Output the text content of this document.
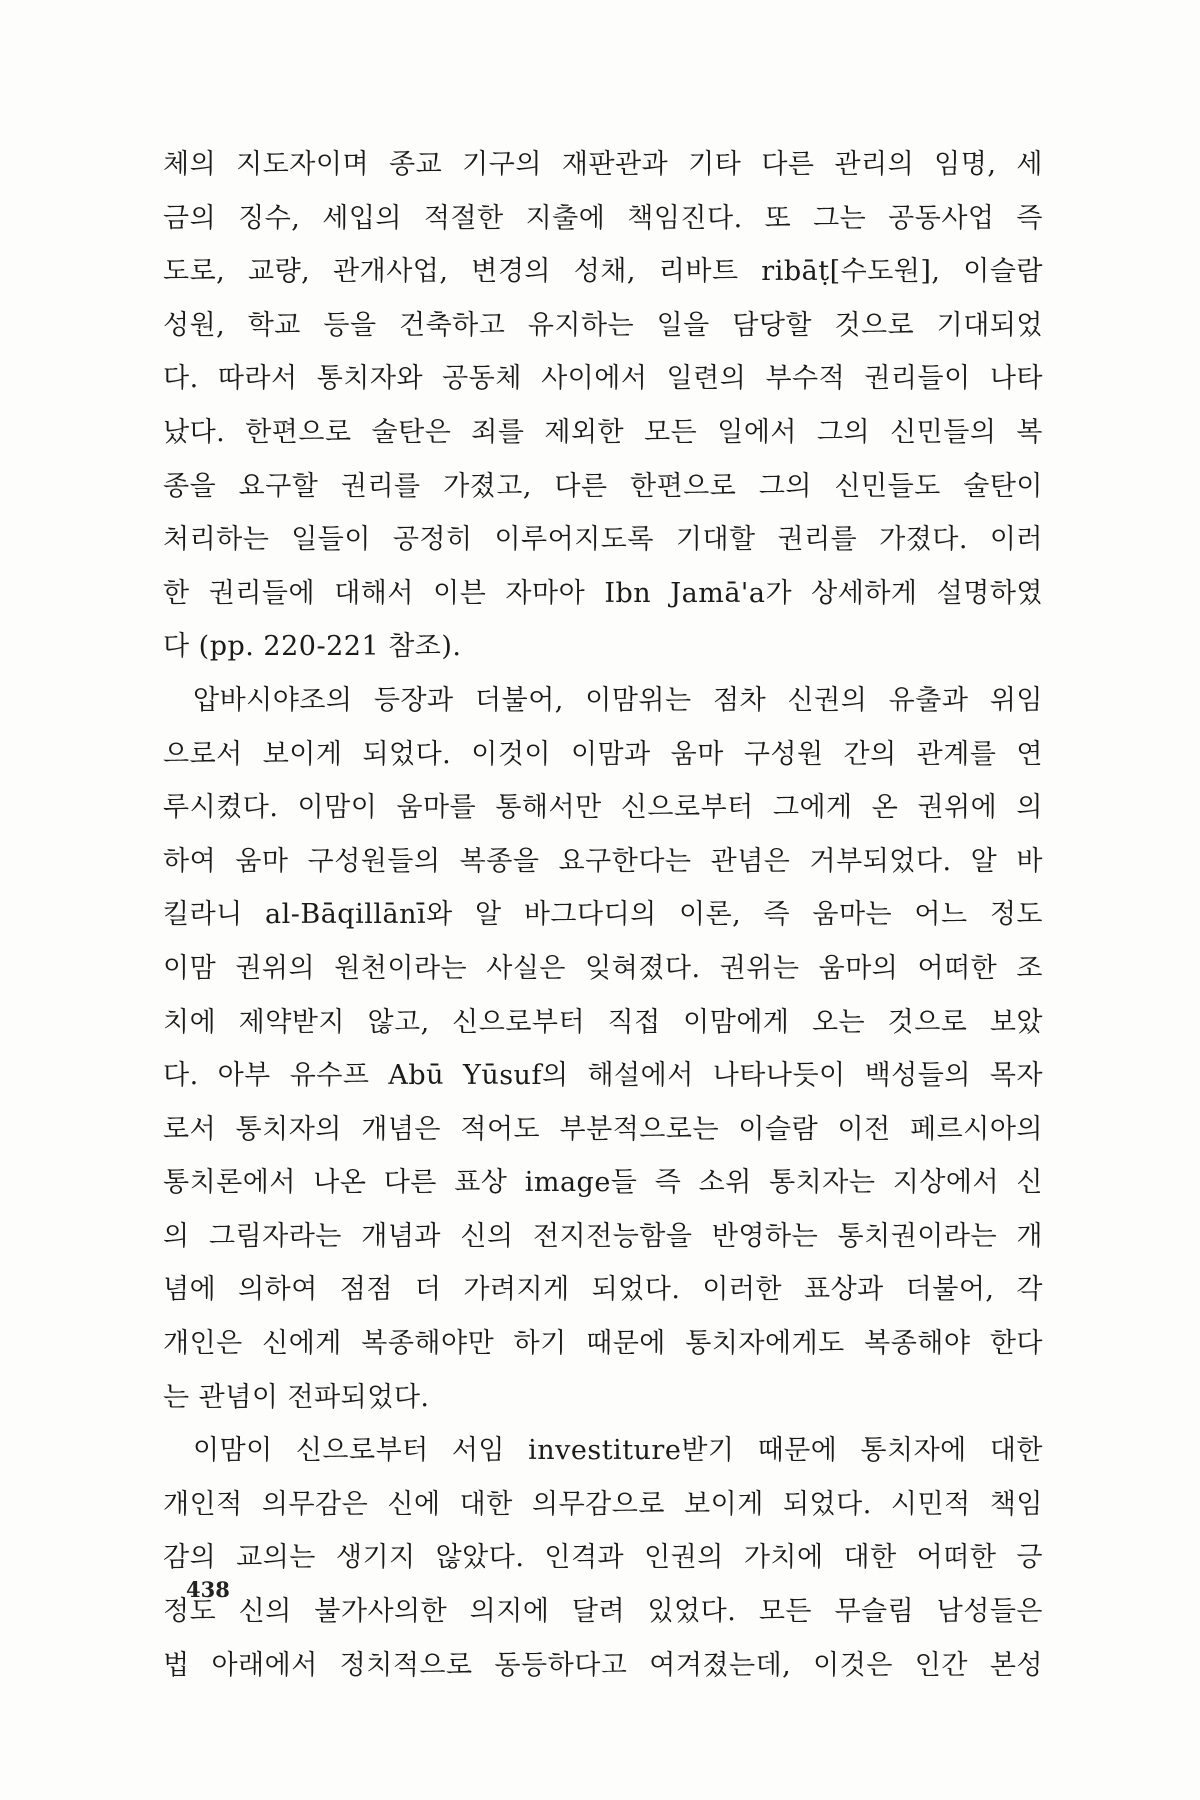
체의 지도자이며 종교 기구의 재판관과 기타 다른 관리의 임명, 세
금의 징수, 세입의 적절한 지출에 책임진다. 또 그는 공동사업 즉
도로, 교량, 관개사업, 변경의 성채, 리바트 ribāṭ[수도원], 이슬람
성원, 학교 등을 건축하고 유지하는 일을 담당할 것으로 기대되었
다. 따라서 통치자와 공동체 사이에서 일련의 부수적 권리들이 나타
났다. 한편으로 술탄은 죄를 제외한 모든 일에서 그의 신민들의 복
종을 요구할 권리를 가졌고, 다른 한편으로 그의 신민들도 술탄이
처리하는 일들이 공정히 이루어지도록 기대할 권리를 가졌다. 이러
한 권리들에 대해서 이븐 자마아 Ibn Jamā'a가 상세하게 설명하였
다 (pp. 220-221 참조).
압바시야조의 등장과 더불어, 이맘위는 점차 신권의 유출과 위임
으로서 보이게 되었다. 이것이 이맘과 움마 구성원 간의 관계를 연
루시켰다. 이맘이 움마를 통해서만 신으로부터 그에게 온 권위에 의
하여 움마 구성원들의 복종을 요구한다는 관념은 거부되었다. 알 바
킬라니 al-Bāqillānī와 알 바그다디의 이론, 즉 움마는 어느 정도
이맘 권위의 원천이라는 사실은 잊혀졌다. 권위는 움마의 어떠한 조
치에 제약받지 않고, 신으로부터 직접 이맘에게 오는 것으로 보았
다. 아부 유수프 Abū Yūsuf의 해설에서 나타나듯이 백성들의 목자
로서 통치자의 개념은 적어도 부분적으로는 이슬람 이전 페르시아의
통치론에서 나온 다른 표상 image들 즉 소위 통치자는 지상에서 신
의 그림자라는 개념과 신의 전지전능함을 반영하는 통치권이라는 개
념에 의하여 점점 더 가려지게 되었다. 이러한 표상과 더불어, 각
개인은 신에게 복종해야만 하기 때문에 통치자에게도 복종해야 한다
는 관념이 전파되었다.
이맘이 신으로부터 서임 investiture받기 때문에 통치자에 대한
개인적 의무감은 신에 대한 의무감으로 보이게 되었다. 시민적 책임
감의 교의는 생기지 않았다. 인격과 인권의 가치에 대한 어떠한 긍
정도 신의 불가사의한 의지에 달려 있었다. 모든 무슬림 남성들은
법 아래에서 정치적으로 동등하다고 여겨졌는데, 이것은 인간 본성
438
